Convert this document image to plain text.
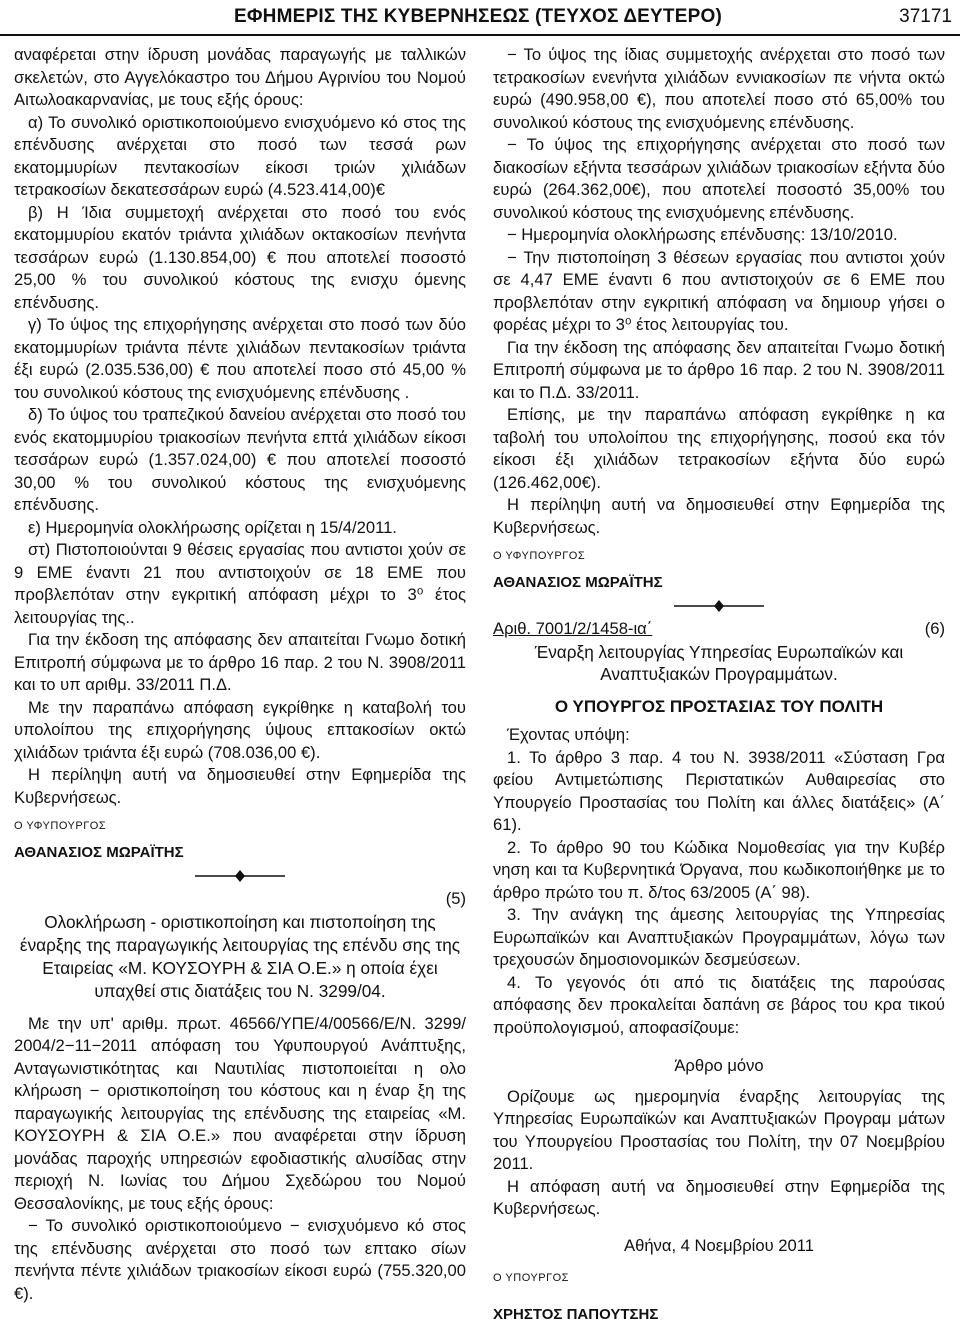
ΕΦΗΜΕΡΙΣ ΤΗΣ ΚΥΒΕΡΝΗΣΕΩΣ (ΤΕΥΧΟΣ ΔΕΥΤΕΡΟ)	37171

αναφέρεται στην ίδρυση μονάδας παραγωγής με ταλλικών σκελετών, στο Αγγελόκαστρο του Δήμου Αγρινίου του Νομού Αιτωλοακαρνανίας, με τους εξής όρους:

α) Το συνολικό οριστικοποιούμενο ενισχυόμενο κό στος της επένδυσης ανέρχεται στο ποσό των τεσσά ρων εκατομμυρίων πεντακοσίων είκοσι τριών χιλιάδων τετρακοσίων δεκατεσσάρων ευρώ (4.523.414,00)€

β) Η Ίδια συμμετοχή ανέρχεται στο ποσό του ενός εκατομμυρίου εκατόν τριάντα χιλιάδων οκτακοσίων πενήντα τεσσάρων ευρώ (1.130.854,00) € που αποτελεί ποσοστό 25,00 % του συνολικού κόστους της ενισχυ όμενης επένδυσης.

γ) Το ύψος της επιχορήγησης ανέρχεται στο ποσό των δύο εκατομμυρίων τριάντα πέντε χιλιάδων πεντακοσίων τριάντα έξι ευρώ (2.035.536,00) € που αποτελεί ποσο στό 45,00 % του συνολικού κόστους της ενισχυόμενης επένδυσης .

δ) Το ύψος του τραπεζικού δανείου ανέρχεται στο ποσό του ενός εκατομμυρίου τριακοσίων πενήντα επτά χιλιάδων είκοσι τεσσάρων ευρώ (1.357.024,00) € που αποτελεί ποσοστό 30,00 % του συνολικού κόστους της ενισχυόμενης επένδυσης.

ε) Ημερομηνία ολοκλήρωσης ορίζεται η 15/4/2011.

στ) Πιστοποιούνται 9 θέσεις εργασίας που αντιστοι χούν σε 9 ΕΜΕ έναντι 21 που αντιστοιχούν σε 18 ΕΜΕ που προβλεπόταν στην εγκριτική απόφαση μέχρι το 3⁰ έτος λειτουργίας της..

Για την έκδοση της απόφασης δεν απαιτείται Γνωμο δοτική Επιτροπή σύμφωνα με το άρθρο 16 παρ. 2 του Ν. 3908/2011 και το υπ αριθμ. 33/2011 Π.Δ.

Με την παραπάνω απόφαση εγκρίθηκε η καταβολή του υπολοίπου της επιχορήγησης ύψους επτακοσίων οκτώ χιλιάδων τριάντα έξι ευρώ (708.036,00 €).

Η περίληψη αυτή να δημοσιευθεί στην Εφημερίδα της Κυβερνήσεως.

Ο ΥΦΥΠΟΥΡΓΟΣ

ΑΘΑΝΑΣΙΟΣ ΜΩΡΑΪΤΗΣ

(5)

Ολοκλήρωση - οριστικοποίηση και πιστοποίηση της έναρξης της παραγωγικής λειτουργίας της επένδυ σης της Εταιρείας «Μ. ΚΟΥΣΟΥΡΗ & ΣΙΑ Ο.Ε.» η οποία έχει υπαχθεί στις διατάξεις του Ν. 3299/04.

Με την υπ' αριθμ. πρωτ. 46566/ΥΠΕ/4/00566/Ε/Ν. 3299/ 2004/2−11−2011 απόφαση του Υφυπουργού Ανάπτυξης, Ανταγωνιστικότητας και Ναυτιλίας πιστοποιείται η ολο κλήρωση − οριστικοποίηση του κόστους και η έναρ ξη της παραγωγικής λειτουργίας της επένδυσης της εταιρείας «Μ. ΚΟΥΣΟΥΡΗ & ΣΙΑ Ο.Ε.» που αναφέρεται στην ίδρυση μονάδας παροχής υπηρεσιών εφοδιαστικής αλυσίδας στην περιοχή Ν. Ιωνίας του Δήμου Σχεδώρου του Νομού Θεσσαλονίκης, με τους εξής όρους:

− Το συνολικό οριστικοποιούμενο − ενισχυόμενο κό στος της επένδυσης ανέρχεται στο ποσό των επτακο σίων πενήντα πέντε χιλιάδων τριακοσίων είκοσι ευρώ (755.320,00 €).

− Το ύψος της ίδιας συμμετοχής ανέρχεται στο ποσό των τετρακοσίων ενενήντα χιλιάδων εννιακοσίων πε νήντα οκτώ ευρώ (490.958,00 €), που αποτελεί ποσο στό 65,00% του συνολικού κόστους της ενισχυόμενης επένδυσης.

− Το ύψος της επιχορήγησης ανέρχεται στο ποσό των διακοσίων εξήντα τεσσάρων χιλιάδων τριακοσίων εξήντα δύο ευρώ (264.362,00€), που αποτελεί ποσοστό 35,00% του συνολικού κόστους της ενισχυόμενης επένδυσης.

− Ημερομηνία ολοκλήρωσης επένδυσης: 13/10/2010.

− Την πιστοποίηση 3 θέσεων εργασίας που αντιστοι χούν σε 4,47 ΕΜΕ έναντι 6 που αντιστοιχούν σε 6 ΕΜΕ που προβλεπόταν στην εγκριτική απόφαση να δημιουρ γήσει ο φορέας μέχρι το 3⁰ έτος λειτουργίας του.

Για την έκδοση της απόφασης δεν απαιτείται Γνωμο δοτική Επιτροπή σύμφωνα με το άρθρο 16 παρ. 2 του Ν. 3908/2011 και το Π.Δ. 33/2011.

Επίσης, με την παραπάνω απόφαση εγκρίθηκε η κα ταβολή του υπολοίπου της επιχορήγησης, ποσού εκα τόν είκοσι έξι χιλιάδων τετρακοσίων εξήντα δύο ευρώ (126.462,00€).

Η περίληψη αυτή να δημοσιευθεί στην Εφημερίδα της Κυβερνήσεως.

Ο ΥΦΥΠΟΥΡΓΟΣ

ΑΘΑΝΑΣΙΟΣ ΜΩΡΑΪΤΗΣ

Αριθ. 7001/2/1458-ια΄	(6)

Έναρξη λειτουργίας Υπηρεσίας Ευρωπαϊκών και Αναπτυξιακών Προγραμμάτων.

Ο ΥΠΟΥΡΓΟΣ ΠΡΟΣΤΑΣΙΑΣ ΤΟΥ ΠΟΛΙΤΗ

Έχοντας υπόψη:

1. Το άρθρο 3 παρ. 4 του Ν. 3938/2011 «Σύσταση Γρα φείου Αντιμετώπισης Περιστατικών Αυθαιρεσίας στο Υπουργείο Προστασίας του Πολίτη και άλλες διατάξεις» (Α΄ 61).

2. Το άρθρο 90 του Κώδικα Νομοθεσίας για την Κυβέρ νηση και τα Κυβερνητικά Όργανα, που κωδικοποιήθηκε με το άρθρο πρώτο του π. δ/τος 63/2005 (Α΄ 98).

3. Την ανάγκη της άμεσης λειτουργίας της Υπηρεσίας Ευρωπαϊκών και Αναπτυξιακών Προγραμμάτων, λόγω των τρεχουσών δημοσιονομικών δεσμεύσεων.

4. Το γεγονός ότι από τις διατάξεις της παρούσας απόφασης δεν προκαλείται δαπάνη σε βάρος του κρα τικού προϋπολογισμού, αποφασίζουμε:

Άρθρο μόνο

Ορίζουμε ως ημερομηνία έναρξης λειτουργίας της Υπηρεσίας Ευρωπαϊκών και Αναπτυξιακών Προγραμ μάτων του Υπουργείου Προστασίας του Πολίτη, την 07 Νοεμβρίου 2011.

Η απόφαση αυτή να δημοσιευθεί στην Εφημερίδα της Κυβερνήσεως.

Αθήνα, 4 Νοεμβρίου 2011

Ο ΥΠΟΥΡΓΟΣ

ΧΡΗΣΤΟΣ ΠΑΠΟΥΤΣΗΣ
